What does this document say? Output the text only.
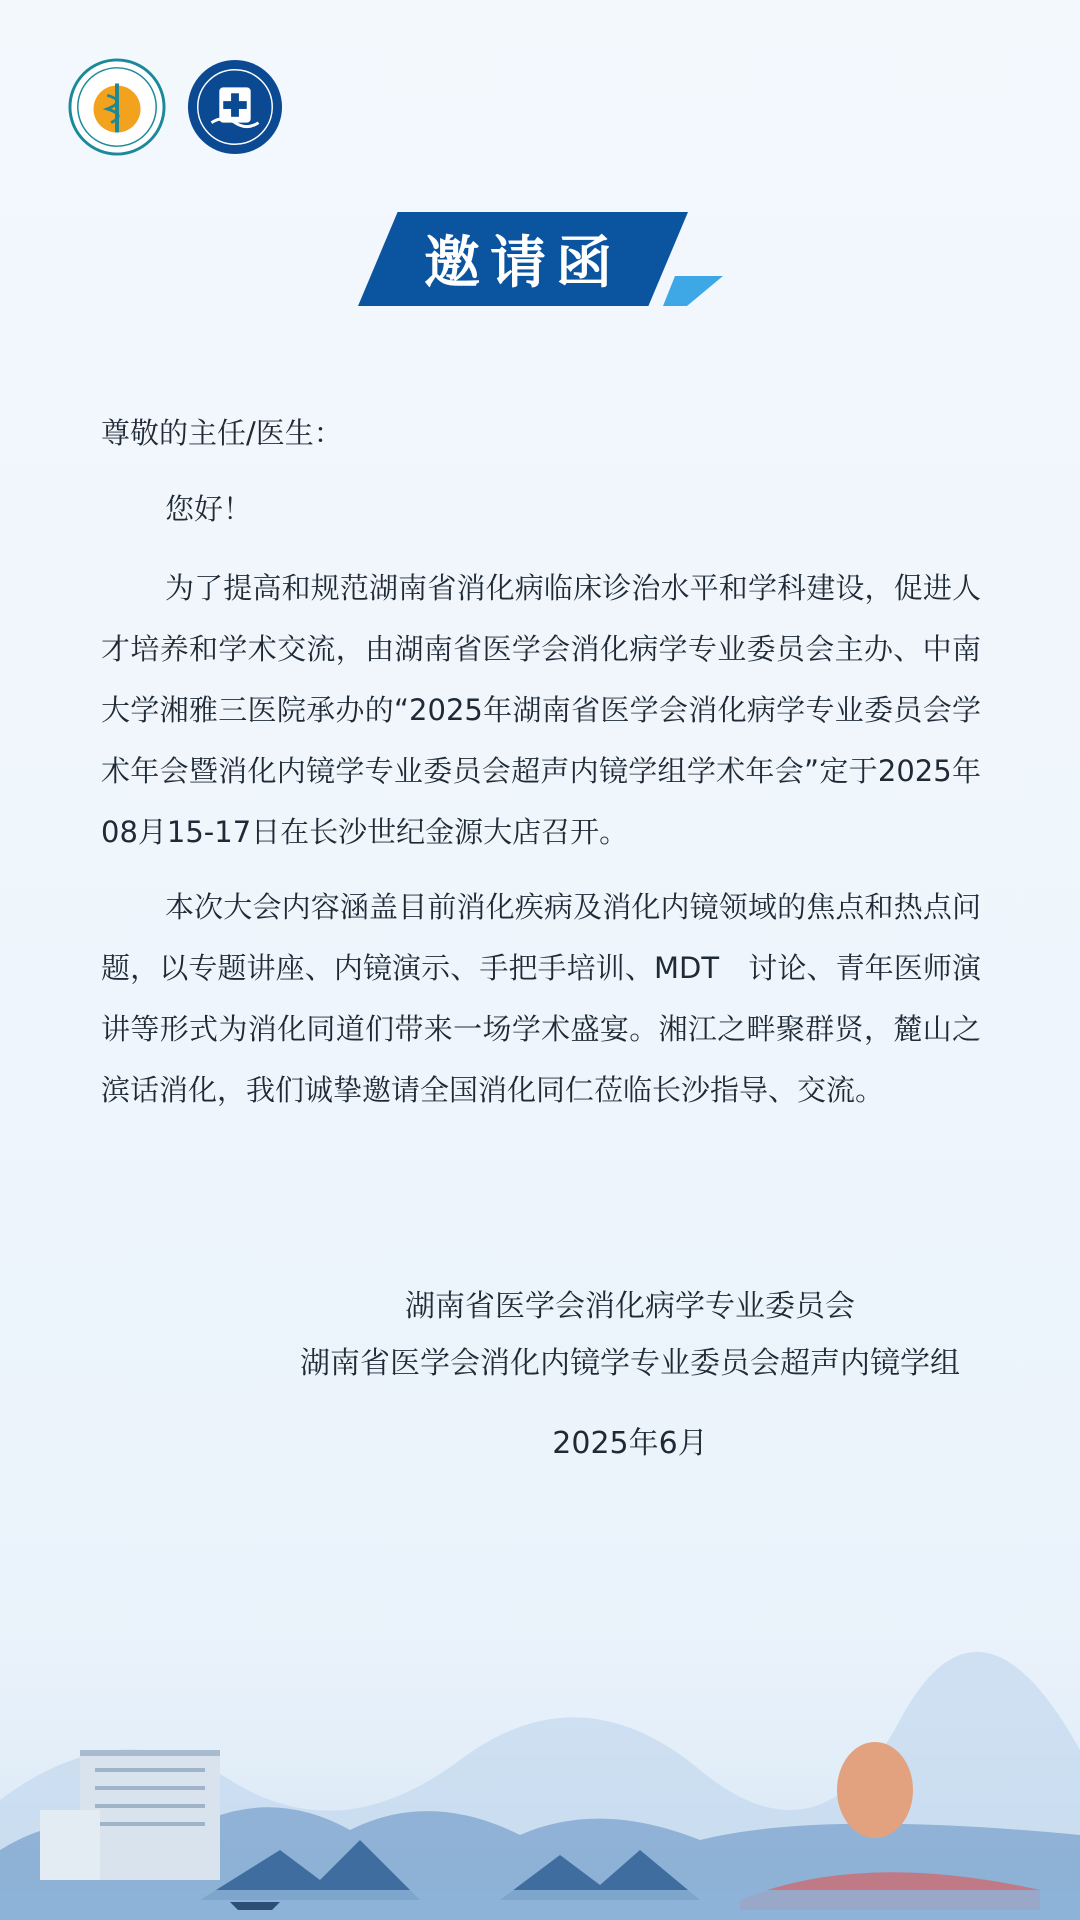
邀请函

尊敬的主任/医生：

您好！

为了提高和规范湖南省消化病临床诊治水平和学科建设，促进人才培养和学术交流，由湖南省医学会消化病学专业委员会主办、中南大学湘雅三医院承办的“2025年湖南省医学会消化病学专业委员会学术年会暨消化内镜学专业委员会超声内镜学组学术年会”定于2025年08月15-17日在长沙世纪金源大店召开。

本次大会内容涵盖目前消化疾病及消化内镜领域的焦点和热点问题，以专题讲座、内镜演示、手把手培训、MDT　讨论、青年医师演讲等形式为消化同道们带来一场学术盛宴。湘江之畔聚群贤，麓山之滨话消化，我们诚挚邀请全国消化同仁莅临长沙指导、交流。

湖南省医学会消化病学专业委员会
湖南省医学会消化内镜学专业委员会超声内镜学组
2025年6月
